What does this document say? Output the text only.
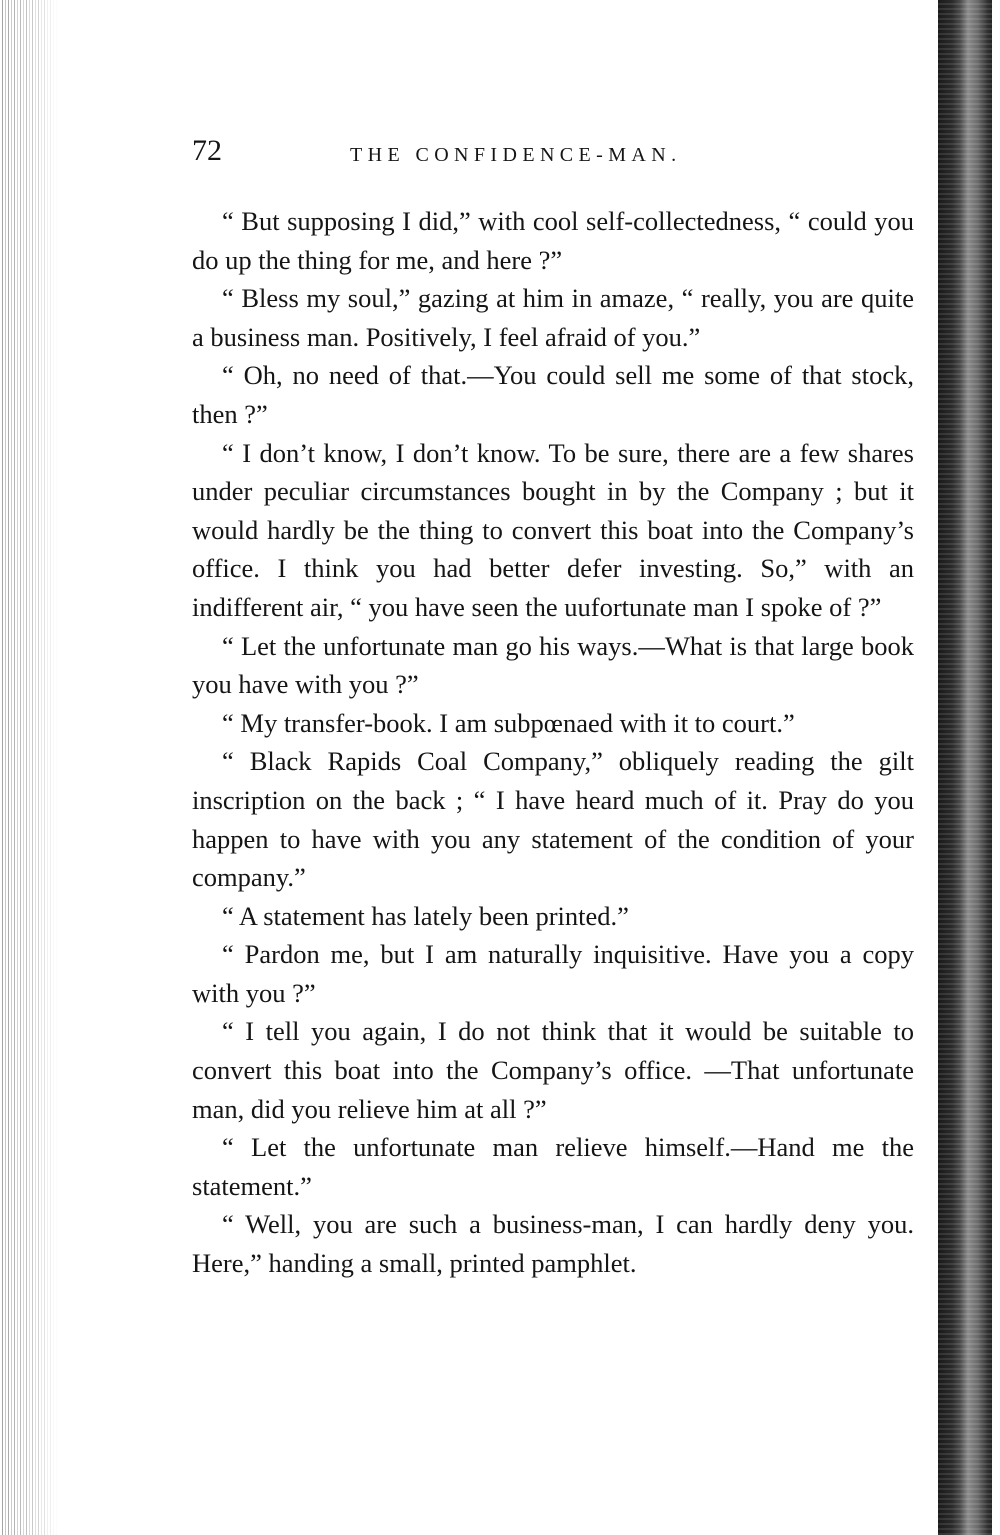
72	THE CONFIDENCE-MAN.

“ But supposing I did,” with cool self-collectedness, “ could you do up the thing for me, and here ?”

“ Bless my soul,” gazing at him in amaze, “ really, you are quite a business man. Positively, I feel afraid of you.”

“ Oh, no need of that.—You could sell me some of that stock, then ?”

“ I don’t know, I don’t know. To be sure, there are a few shares under peculiar circumstances bought in by the Company ; but it would hardly be the thing to convert this boat into the Company’s office. I think you had better defer investing. So,” with an indifferent air, “ you have seen the uufortunate man I spoke of ?”

“ Let the unfortunate man go his ways.—What is that large book you have with you ?”

“ My transfer-book. I am subpœnaed with it to court.”

“ Black Rapids Coal Company,” obliquely reading the gilt inscription on the back ; “ I have heard much of it. Pray do you happen to have with you any statement of the condition of your company.”

“ A statement has lately been printed.”

“ Pardon me, but I am naturally inquisitive. Have you a copy with you ?”

“ I tell you again, I do not think that it would be suitable to convert this boat into the Company’s office. —That unfortunate man, did you relieve him at all ?”

“ Let the unfortunate man relieve himself.—Hand me the statement.”

“ Well, you are such a business-man, I can hardly deny you. Here,” handing a small, printed pamphlet.
